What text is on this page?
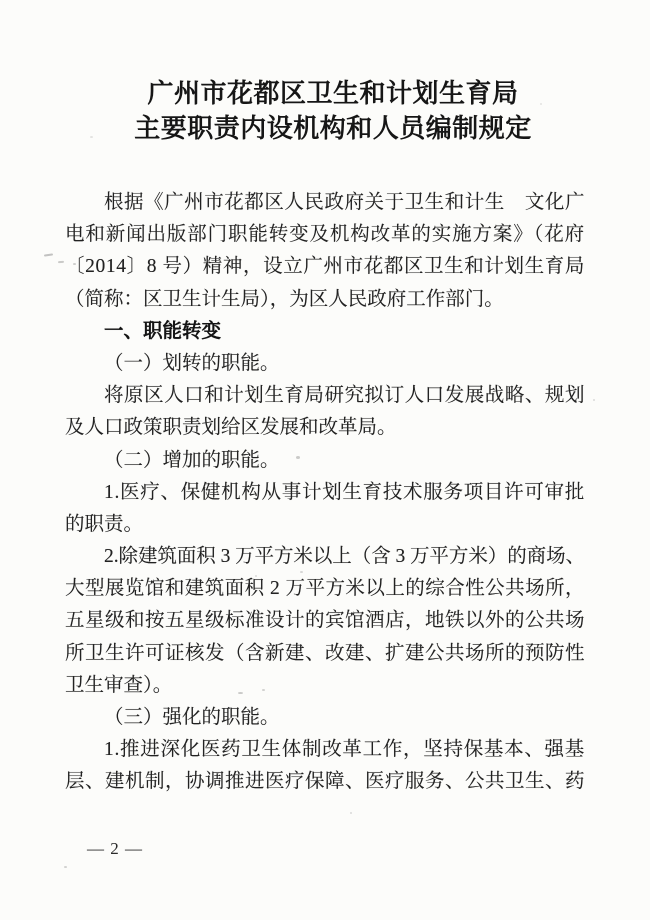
广州市花都区卫生和计划生育局
主要职责内设机构和人员编制规定
根据《广州市花都区人民政府关于卫生和计生　文化广
电和新闻出版部门职能转变及机构改革的实施方案》（花府
〔2014〕8 号）精神，设立广州市花都区卫生和计划生育局
（简称：区卫生计生局），为区人民政府工作部门。
一、职能转变
（一）划转的职能。
将原区人口和计划生育局研究拟订人口发展战略、规划
及人口政策职责划给区发展和改革局。
（二）增加的职能。
1.医疗、保健机构从事计划生育技术服务项目许可审批
的职责。
2.除建筑面积 3 万平方米以上（含 3 万平方米）的商场、
大型展览馆和建筑面积 2 万平方米以上的综合性公共场所，
五星级和按五星级标准设计的宾馆酒店，地铁以外的公共场
所卫生许可证核发（含新建、改建、扩建公共场所的预防性
卫生审查）。
（三）强化的职能。
1.推进深化医药卫生体制改革工作，坚持保基本、强基
层、建机制，协调推进医疗保障、医疗服务、公共卫生、药
— 2 —
